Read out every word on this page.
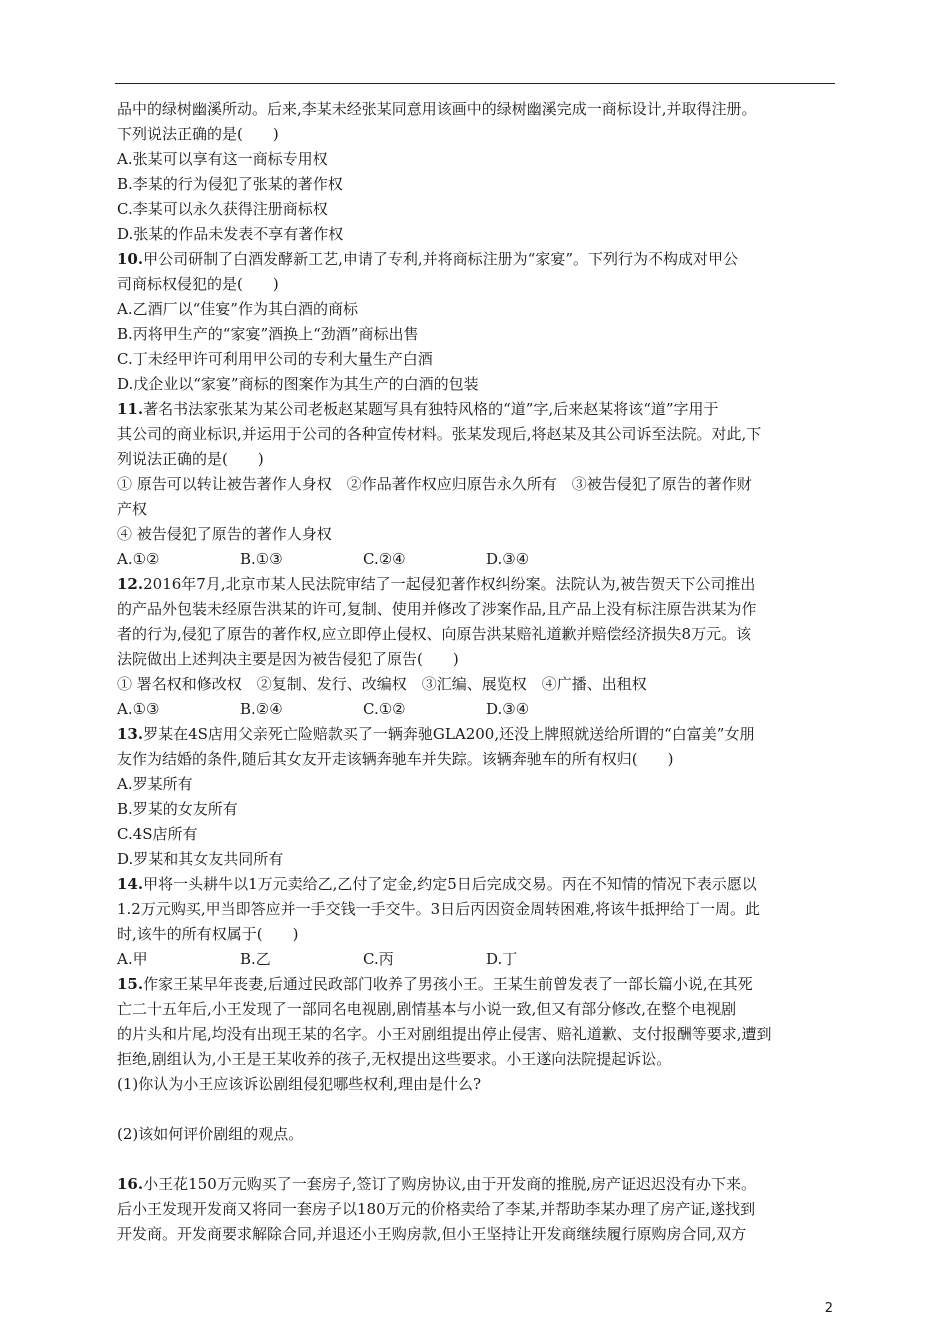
品中的绿树幽溪所动。后来,李某未经张某同意用该画中的绿树幽溪完成一商标设计,并取得注册。
下列说法正确的是(　　)
A.张某可以享有这一商标专用权
B.李某的行为侵犯了张某的著作权
C.李某可以永久获得注册商标权
D.张某的作品未发表不享有著作权
10.甲公司研制了白酒发酵新工艺,申请了专利,并将商标注册为“家宴”。下列行为不构成对甲公
司商标权侵犯的是(　　)
A.乙酒厂以“佳宴”作为其白酒的商标
B.丙将甲生产的“家宴”酒换上“劲酒”商标出售
C.丁未经甲许可利用甲公司的专利大量生产白酒
D.戊企业以“家宴”商标的图案作为其生产的白酒的包装
11.著名书法家张某为某公司老板赵某题写具有独特风格的“道”字,后来赵某将该“道”字用于
其公司的商业标识,并运用于公司的各种宣传材料。张某发现后,将赵某及其公司诉至法院。对此,下
列说法正确的是(　　)
① 原告可以转让被告著作人身权　②作品著作权应归原告永久所有　③被告侵犯了原告的著作财
产权
④ 被告侵犯了原告的著作人身权
A.①②	B.①③	C.②④	D.③④
12.2016年7月,北京市某人民法院审结了一起侵犯著作权纠纷案。法院认为,被告贺天下公司推出
的产品外包装未经原告洪某的许可,复制、使用并修改了涉案作品,且产品上没有标注原告洪某为作
者的行为,侵犯了原告的著作权,应立即停止侵权、向原告洪某赔礼道歉并赔偿经济损失8万元。该
法院做出上述判决主要是因为被告侵犯了原告(　　)
① 署名权和修改权　②复制、发行、改编权　③汇编、展览权　④广播、出租权
A.①③	B.②④	C.①②	D.③④
13.罗某在4S店用父亲死亡险赔款买了一辆奔驰GLA200,还没上牌照就送给所谓的“白富美”女朋
友作为结婚的条件,随后其女友开走该辆奔驰车并失踪。该辆奔驰车的所有权归(　　)
A.罗某所有
B.罗某的女友所有
C.4S店所有
D.罗某和其女友共同所有
14.甲将一头耕牛以1万元卖给乙,乙付了定金,约定5日后完成交易。丙在不知情的情况下表示愿以
1.2万元购买,甲当即答应并一手交钱一手交牛。3日后丙因资金周转困难,将该牛抵押给丁一周。此
时,该牛的所有权属于(　　)
A.甲	B.乙	C.丙	D.丁
15.作家王某早年丧妻,后通过民政部门收养了男孩小王。王某生前曾发表了一部长篇小说,在其死
亡二十五年后,小王发现了一部同名电视剧,剧情基本与小说一致,但又有部分修改,在整个电视剧
的片头和片尾,均没有出现王某的名字。小王对剧组提出停止侵害、赔礼道歉、支付报酬等要求,遭到
拒绝,剧组认为,小王是王某收养的孩子,无权提出这些要求。小王遂向法院提起诉讼。
(1)你认为小王应该诉讼剧组侵犯哪些权利,理由是什么?
(2)该如何评价剧组的观点。
16.小王花150万元购买了一套房子,签订了购房协议,由于开发商的推脱,房产证迟迟没有办下来。
后小王发现开发商又将同一套房子以180万元的价格卖给了李某,并帮助李某办理了房产证,遂找到
开发商。开发商要求解除合同,并退还小王购房款,但小王坚持让开发商继续履行原购房合同,双方
2
